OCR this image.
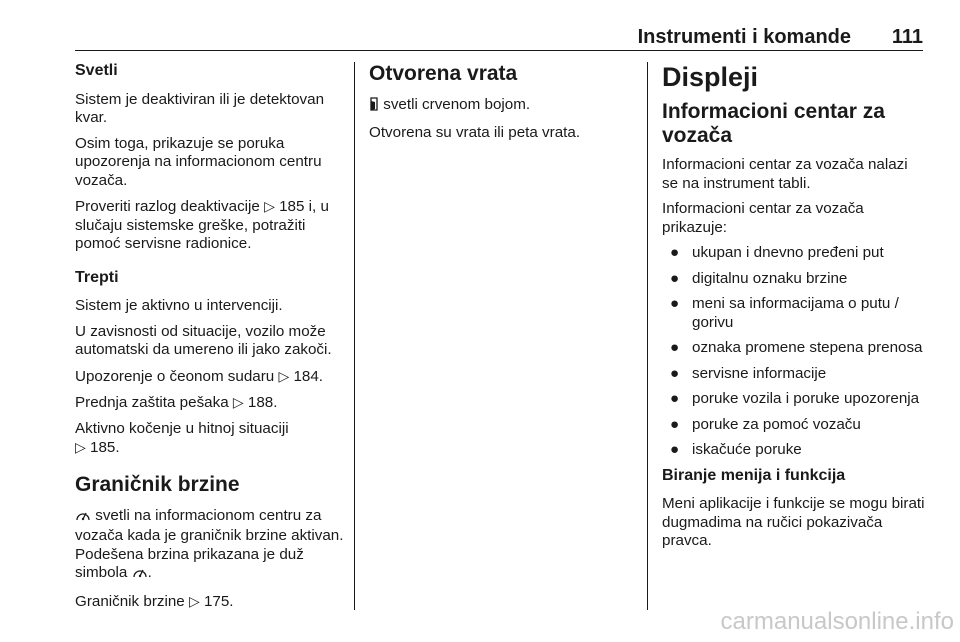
Instrumenti i komande 111

Svetli

Sistem je deaktiviran ili je detektovan kvar.

Osim toga, prikazuje se poruka upozorenja na informacionom centru vozača.

Proveriti razlog deaktivacije ▷ 185 i, u slučaju sistemske greške, potražiti pomoć servisne radionice.

Trepti

Sistem je aktivno u intervenciji.

U zavisnosti od situacije, vozilo može automatski da umereno ili jako zakoči.

Upozorenje o čeonom sudaru ▷ 184.

Prednja zaštita pešaka ▷ 188.

Aktivno kočenje u hitnoj situaciji
▷ 185.

Graničnik brzine

svetli na informacionom centru za vozača kada je graničnik brzine aktivan. Podešena brzina prikazana je duž simbola .

Graničnik brzine ▷ 175.

Otvorena vrata

svetli crvenom bojom.

Otvorena su vrata ili peta vrata.

Displeji

Informacioni centar za vozača

Informacioni centar za vozača nalazi se na instrument tabli.

Informacioni centar za vozača prikazuje:

● ukupan i dnevno pređeni put
● digitalnu oznaku brzine
● meni sa informacijama o putu / gorivu
● oznaka promene stepena prenosa
● servisne informacije
● poruke vozila i poruke upozorenja
● poruke za pomoć vozaču
● iskačuće poruke

Biranje menija i funkcija

Meni aplikacije i funkcije se mogu birati dugmadima na ručici pokazivača pravca.

carmanualsonline.info
